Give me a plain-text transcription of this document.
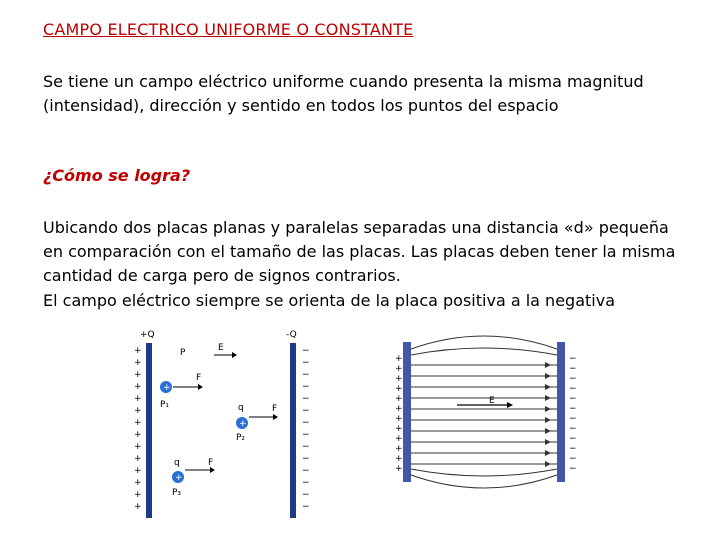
CAMPO ELECTRICO UNIFORME O CONSTANTE
Se tiene un campo eléctrico uniforme cuando presenta la misma magnitud (intensidad), dirección y sentido en todos los puntos del espacio
¿Cómo se logra?
Ubicando dos placas planas y paralelas separadas una distancia «d» pequeña en comparación con el tamaño de las placas. Las placas deben tener la misma cantidad de carga pero de signos contrarios.
El campo eléctrico siempre se orienta de la placa positiva a la negativa
+Q	-Q
+
+
+
+
+
+
+
+
+
+
+
+
+
+
−
−
−
−
−
−
−
−
−
−
−
−
−
−
P	E
+
F
P₁	q
+
F
P₂
q
+
F
P₃
+
+
+
+
+
+
+
+
+
+
+
+
−
−
−
−
−
−
−
−
−
−
−
−
E
